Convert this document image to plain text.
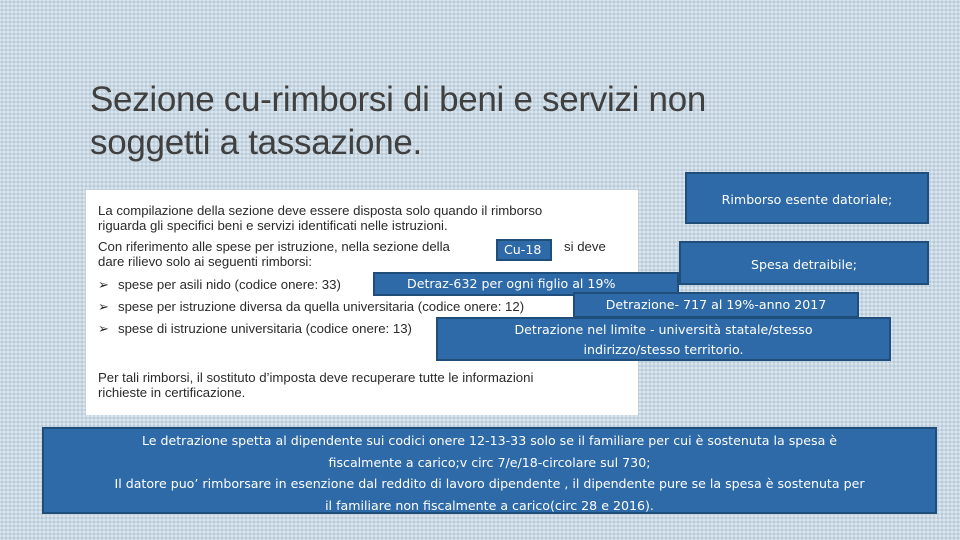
Sezione cu-rimborsi di beni e servizi non
soggetti a tassazione.
La compilazione della sezione deve essere disposta solo quando il rimborso
riguarda gli specifici beni e servizi identificati nelle istruzioni.
Con riferimento alle spese per istruzione, nella sezione della	si deve
dare rilievo solo ai seguenti rimborsi:
➢ spese per asili nido (codice onere: 33)
➢ spese per istruzione diversa da quella universitaria (codice onere: 12)
➢ spese di istruzione universitaria (codice onere: 13)
Per tali rimborsi, il sostituto d’imposta deve recuperare tutte le informazioni
richieste in certificazione.
Rimborso esente datoriale;
Cu-18
Spesa detraibile;
Detraz-632 per ogni figlio al 19%
Detrazione- 717 al 19%-anno 2017
Detrazione nel limite - università statale/stesso
indirizzo/stesso territorio.
Le detrazione spetta al dipendente sui codici onere 12-13-33 solo se il familiare per cui è sostenuta la spesa è
fiscalmente a carico;v circ 7/e/18-circolare sul 730;
Il datore puo’ rimborsare in esenzione dal reddito di lavoro dipendente , il dipendente pure se la spesa è sostenuta per
il familiare non fiscalmente a carico(circ 28 e 2016).
